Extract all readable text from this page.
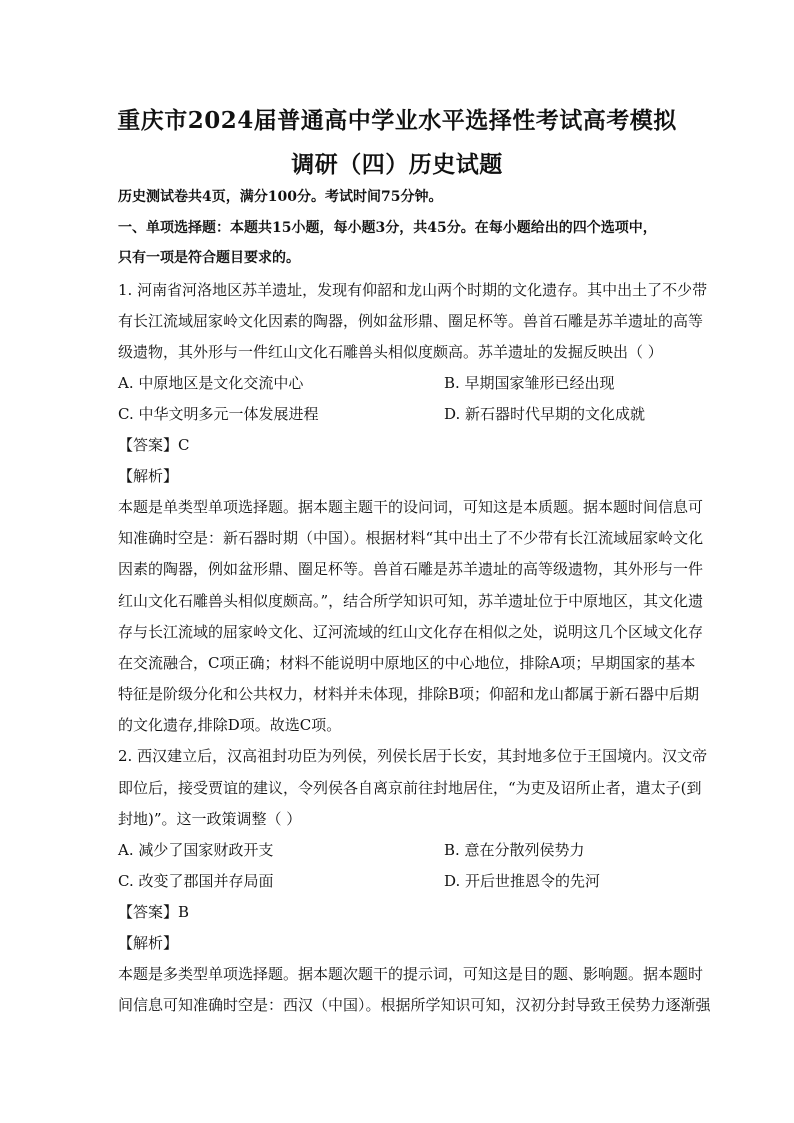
重庆市2024届普通高中学业水平选择性考试高考模拟
调研（四）历史试题
历史测试卷共4页，满分100分。考试时间75分钟。
一、单项选择题：本题共15小题，每小题3分，共45分。在每小题给出的四个选项中，
只有一项是符合题目要求的。
1. 河南省河洛地区苏羊遗址，发现有仰韶和龙山两个时期的文化遗存。其中出土了不少带
有长江流域屈家岭文化因素的陶器，例如盆形鼎、圈足杯等。兽首石雕是苏羊遗址的高等
级遗物，其外形与一件红山文化石雕兽头相似度颇高。苏羊遗址的发掘反映出（ ）
A. 中原地区是文化交流中心	B. 早期国家雏形已经出现
C. 中华文明多元一体发展进程	D. 新石器时代早期的文化成就
【答案】C
【解析】
本题是单类型单项选择题。据本题主题干的设问词，可知这是本质题。据本题时间信息可
知准确时空是：新石器时期（中国）。根据材料“其中出土了不少带有长江流域屈家岭文化
因素的陶器，例如盆形鼎、圈足杯等。兽首石雕是苏羊遗址的高等级遗物，其外形与一件
红山文化石雕兽头相似度颇高。”，结合所学知识可知，苏羊遗址位于中原地区，其文化遗
存与长江流域的屈家岭文化、辽河流域的红山文化存在相似之处，说明这几个区域文化存
在交流融合，C项正确；材料不能说明中原地区的中心地位，排除A项；早期国家的基本
特征是阶级分化和公共权力，材料并未体现，排除B项；仰韶和龙山都属于新石器中后期
的文化遗存,排除D项。故选C项。
2. 西汉建立后，汉高祖封功臣为列侯，列侯长居于长安，其封地多位于王国境内。汉文帝
即位后，接受贾谊的建议，令列侯各自离京前往封地居住，“为吏及诏所止者，遣太子(到
封地)”。这一政策调整（ ）
A. 减少了国家财政开支	B. 意在分散列侯势力
C. 改变了郡国并存局面	D. 开后世推恩令的先河
【答案】B
【解析】
本题是多类型单项选择题。据本题次题干的提示词，可知这是目的题、影响题。据本题时
间信息可知准确时空是：西汉（中国）。根据所学知识可知，汉初分封导致王侯势力逐渐强
